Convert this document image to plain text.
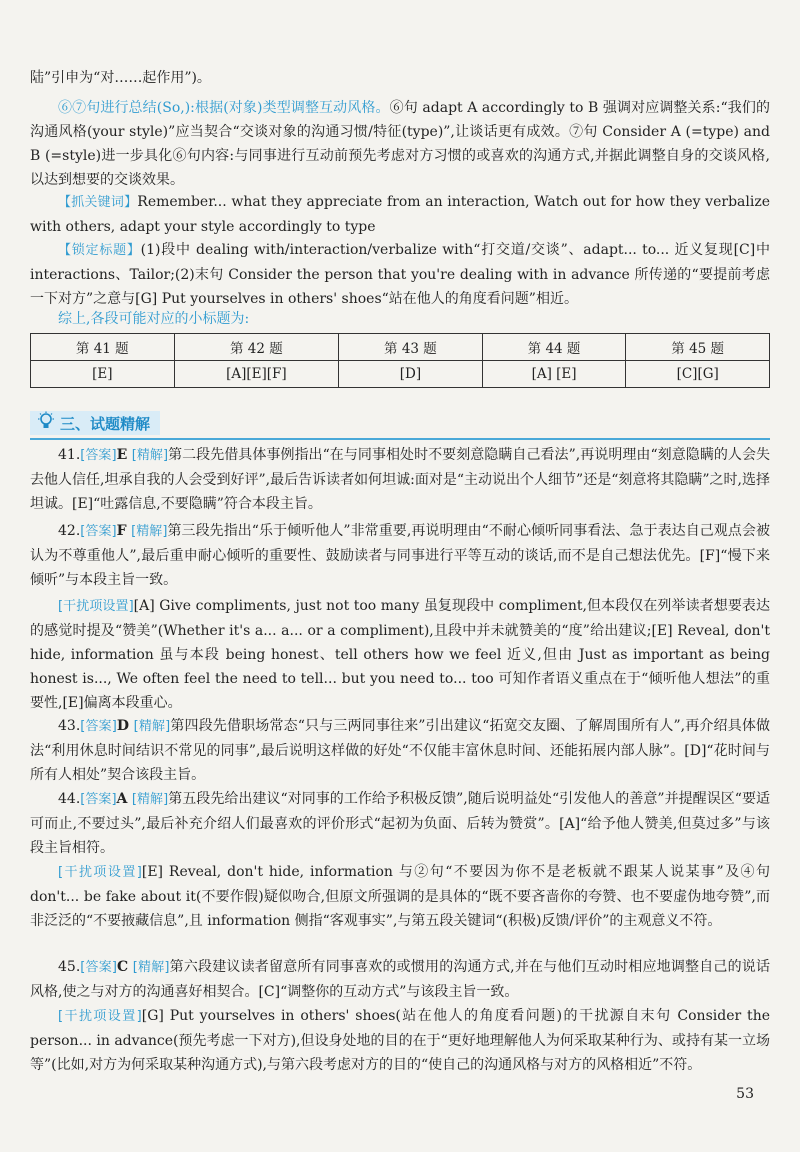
陆”引申为“对……起作用”)。
⑥⑦句进行总结(So,):根据(对象)类型调整互动风格。⑥句 adapt A accordingly to B 强调对应调整关系:“我们的沟通风格(your style)”应当契合“交谈对象的沟通习惯/特征(type)”,让谈话更有成效。⑦句 Consider A (=type) and B (=style)进一步具化⑥句内容:与同事进行互动前预先考虑对方习惯的或喜欢的沟通方式,并据此调整自身的交谈风格,以达到想要的交谈效果。
【抓关键词】Remember... what they appreciate from an interaction, Watch out for how they verbalize with others, adapt your style accordingly to type
【锁定标题】(1)段中 dealing with/interaction/verbalize with“打交道/交谈”、adapt... to... 近义复现[C]中 interactions、Tailor;(2)末句 Consider the person that you're dealing with in advance 所传递的“要提前考虑一下对方”之意与[G] Put yourselves in others' shoes“站在他人的角度看问题”相近。
综上,各段可能对应的小标题为:
第 41 题	第 42 题	第 43 题	第 44 题	第 45 题
[E]	[A][E][F]	[D]	[A] [E]	[C][G]
三、试题精解
41.[答案]E [精解]第二段先借具体事例指出“在与同事相处时不要刻意隐瞒自己看法”,再说明理由“刻意隐瞒的人会失去他人信任,坦承自我的人会受到好评”,最后告诉读者如何坦诚:面对是“主动说出个人细节”还是“刻意将其隐瞒”之时,选择坦诚。[E]“吐露信息,不要隐瞒”符合本段主旨。
42.[答案]F [精解]第三段先指出“乐于倾听他人”非常重要,再说明理由“不耐心倾听同事看法、急于表达自己观点会被认为不尊重他人”,最后重申耐心倾听的重要性、鼓励读者与同事进行平等互动的谈话,而不是自己想法优先。[F]“慢下来倾听”与本段主旨一致。
[干扰项设置][A] Give compliments, just not too many 虽复现段中 compliment,但本段仅在列举读者想要表达的感觉时提及“赞美”(Whether it's a... a... or a compliment),且段中并未就赞美的“度”给出建议;[E] Reveal, don't hide, information 虽与本段 being honest、tell others how we feel 近义,但由 Just as important as being honest is..., We often feel the need to tell... but you need to... too 可知作者语义重点在于“倾听他人想法”的重要性,[E]偏离本段重心。
43.[答案]D [精解]第四段先借职场常态“只与三两同事往来”引出建议“拓宽交友圈、了解周围所有人”,再介绍具体做法“利用休息时间结识不常见的同事”,最后说明这样做的好处“不仅能丰富休息时间、还能拓展内部人脉”。[D]“花时间与所有人相处”契合该段主旨。
44.[答案]A [精解]第五段先给出建议“对同事的工作给予积极反馈”,随后说明益处“引发他人的善意”并提醒误区“要适可而止,不要过头”,最后补充介绍人们最喜欢的评价形式“起初为负面、后转为赞赏”。[A]“给予他人赞美,但莫过多”与该段主旨相符。
[干扰项设置][E] Reveal, don't hide, information 与②句“不要因为你不是老板就不跟某人说某事”及④句 don't... be fake about it(不要作假)疑似吻合,但原文所强调的是具体的“既不要吝啬你的夸赞、也不要虚伪地夸赞”,而非泛泛的“不要掖藏信息”,且 information 侧指“客观事实”,与第五段关键词“(积极)反馈/评价”的主观意义不符。
45.[答案]C [精解]第六段建议读者留意所有同事喜欢的或惯用的沟通方式,并在与他们互动时相应地调整自己的说话风格,使之与对方的沟通喜好相契合。[C]“调整你的互动方式”与该段主旨一致。
[干扰项设置][G] Put yourselves in others' shoes(站在他人的角度看问题)的干扰源自末句 Consider the person... in advance(预先考虑一下对方),但设身处地的目的在于“更好地理解他人为何采取某种行为、或持有某一立场等”(比如,对方为何采取某种沟通方式),与第六段考虑对方的目的“使自己的沟通风格与对方的风格相近”不符。
53
